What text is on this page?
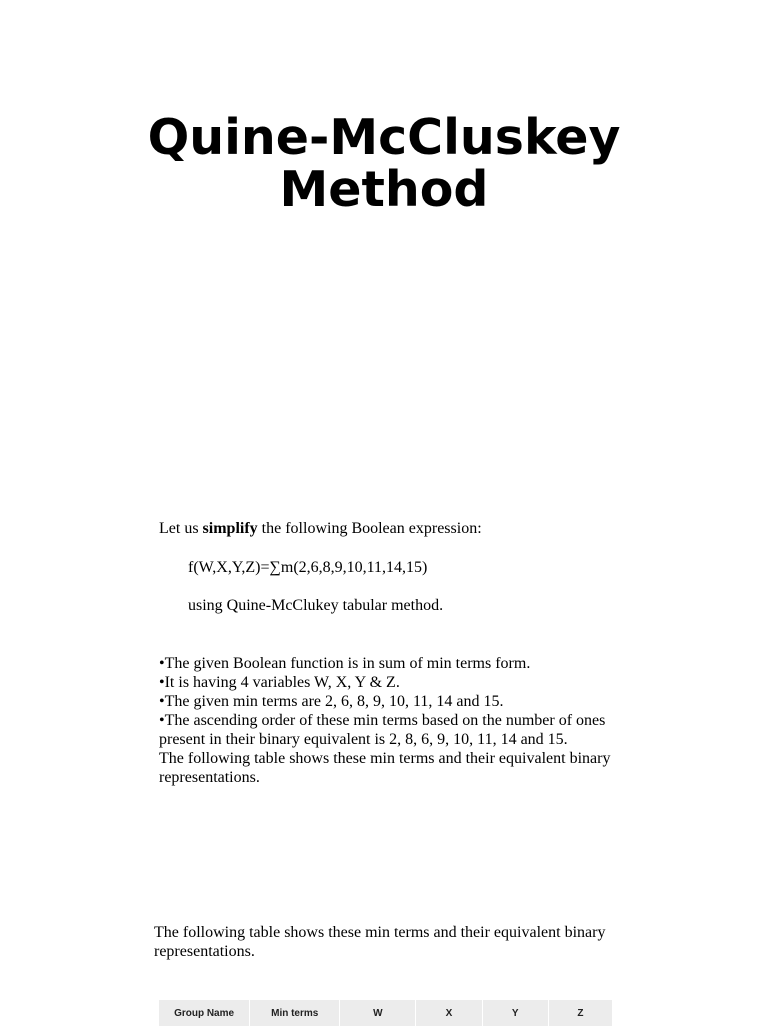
Quine-McCluskey
Method

Let us simplify the following Boolean expression:

f(W,X,Y,Z)=∑m(2,6,8,9,10,11,14,15)

using Quine-McClukey tabular method.

•The given Boolean function is in sum of min terms form.
•It is having 4 variables W, X, Y & Z.
•The given min terms are 2, 6, 8, 9, 10, 11, 14 and 15.
•The ascending order of these min terms based on the number of ones present in their binary equivalent is 2, 8, 6, 9, 10, 11, 14 and 15.
The following table shows these min terms and their equivalent binary representations.

The following table shows these min terms and their equivalent binary representations.

Group Name	Min terms	W	X	Y	Z
